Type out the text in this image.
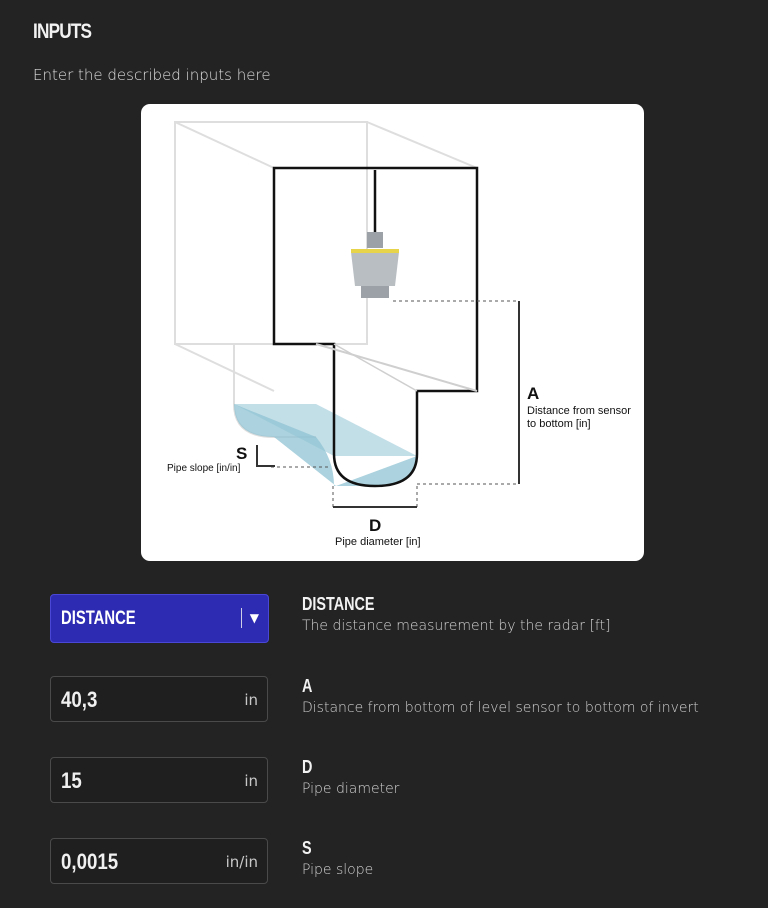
INPUTS
Enter the described inputs here
A
Distance from sensor
to bottom [in]
D
Pipe diameter [in]
S
Pipe slope [in/in]
DISTANCE	▼
DISTANCE
The distance measurement by the radar [ft]
40,3	in
A
Distance from bottom of level sensor to bottom of invert
15	in
D
Pipe diameter
0,0015	in/in
S
Pipe slope
